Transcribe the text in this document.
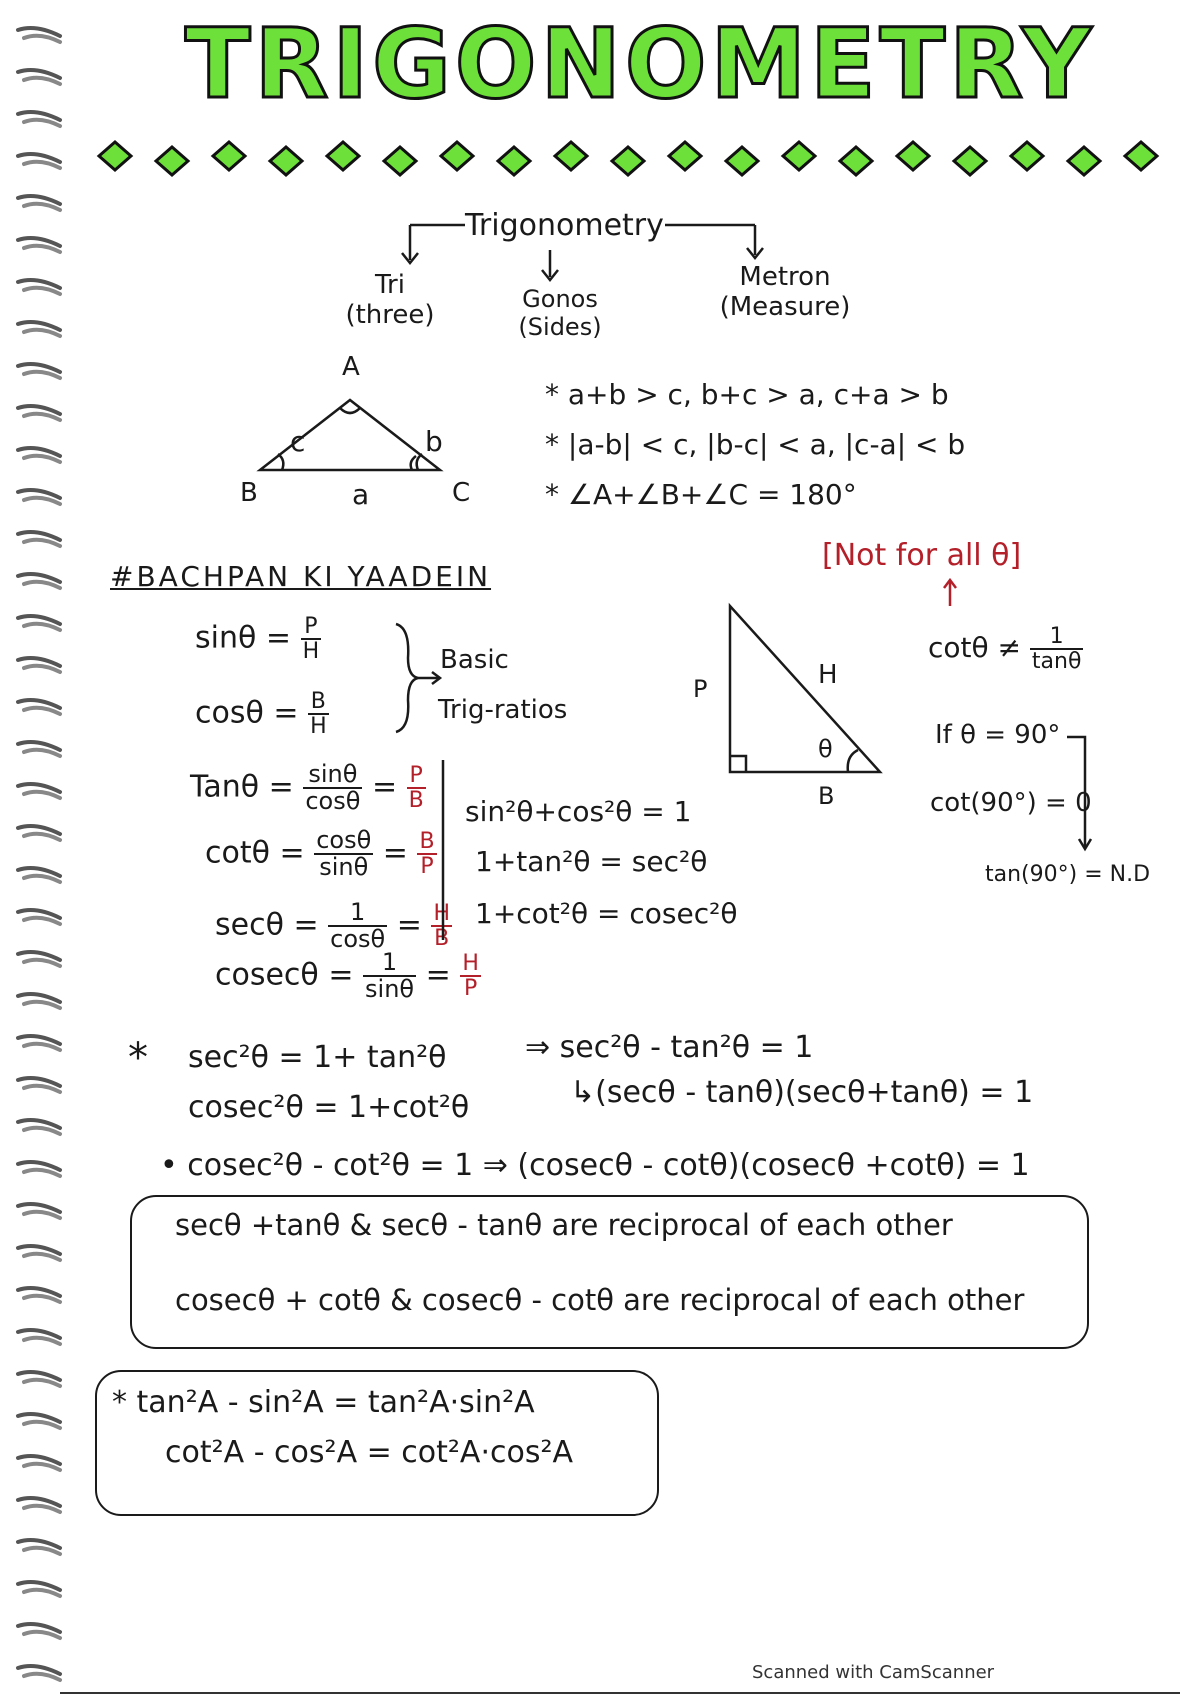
TRIGONOMETRY
Trigonometry
Tri
(three)
Gonos
(Sides)
Metron
(Measure)
A
B	C
a
b
c
* a+b > c, b+c > a, c+a > b
* |a-b| < c, |b-c| < a, |c-a| < b
* ∠A+∠B+∠C = 180°
#BACHPAN KI YAADEIN
$\sin\theta = \frac{P}{H}$
$\cos\theta = \frac{B}{H}$
Basic
Trig-ratios
$Tan\theta = \frac{\sin\theta}{\cos\theta} = \frac{P}{B}$
$\cot\theta = \frac{\cos\theta}{\sin\theta} = \frac{B}{P}$
$\sec\theta = \frac{1}{\cos\theta} = \frac{H}{B}$
$cosec\theta = \frac{1}{\sin\theta} = \frac{H}{P}$
sin²θ+cos²θ = 1
1+tan²θ = sec²θ
1+cot²θ = cosec²θ
P	H
B
θ
[Not for all θ]
$\cot\theta \ne \frac{1}{\tan\theta}$
If θ = 90°
cot(90°) = 0
tan(90°) = N.D
* sec²θ = 1+ tan²θ	⇒ sec²θ - tan²θ = 1
↳(secθ - tanθ)(secθ+tanθ) = 1
cosec²θ = 1+cot²θ
• cosec²θ - cot²θ = 1 ⇒ (cosecθ - cotθ)(cosecθ +cotθ) = 1
secθ +tanθ & secθ - tanθ are reciprocal of each other
cosecθ + cotθ & cosecθ - cotθ are reciprocal of each other
* tan²A - sin²A = tan²A·sin²A
cot²A - cos²A = cot²A·cos²A
Scanned with CamScanner
